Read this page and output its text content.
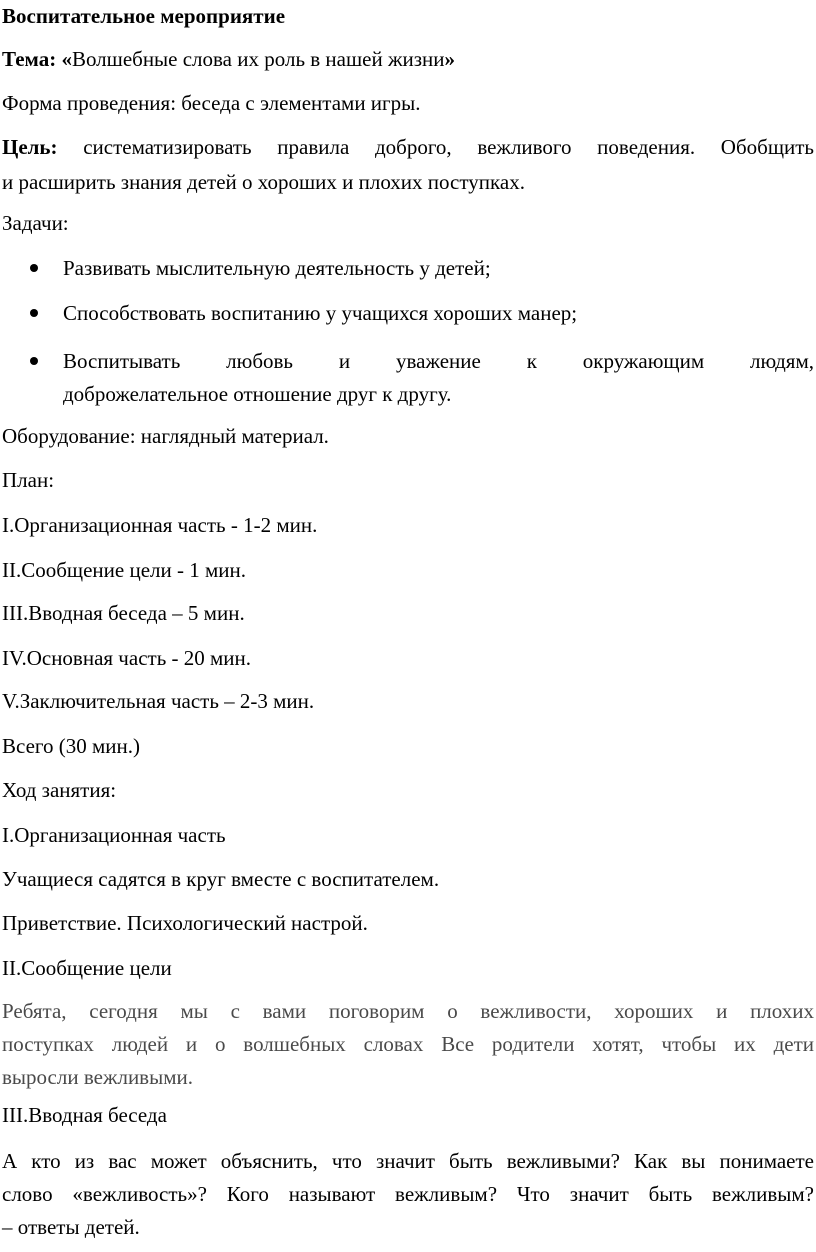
Воспитательное мероприятие
Тема: «Волшебные слова их роль в нашей жизни»
Форма проведения: беседа с элементами игры.
Цель: систематизировать правила доброго, вежливого поведения. Обобщить
и расширить знания детей о хороших и плохих поступках.
Задачи:
Развивать мыслительную деятельность у детей;
Способствовать воспитанию у учащихся хороших манер;
Воспитывать любовь и уважение к окружающим людям,
доброжелательное отношение друг к другу.
Оборудование: наглядный материал.
План:
I.Организационная часть - 1-2 мин.
II.Сообщение цели - 1 мин.
III.Вводная беседа – 5 мин.
IV.Основная часть - 20 мин.
V.Заключительная часть – 2-3 мин.
Всего (30 мин.)
Ход занятия:
I.Организационная часть
Учащиеся садятся в круг вместе с воспитателем.
Приветствие. Психологический настрой.
II.Сообщение цели
Ребята, сегодня мы с вами поговорим о вежливости, хороших и плохих
поступках людей и о волшебных словах Все родители хотят, чтобы их дети
выросли вежливыми.
III.Вводная беседа
А кто из вас может объяснить, что значит быть вежливыми? Как вы понимаете
слово «вежливость»? Кого называют вежливым? Что значит быть вежливым?
– ответы детей.
